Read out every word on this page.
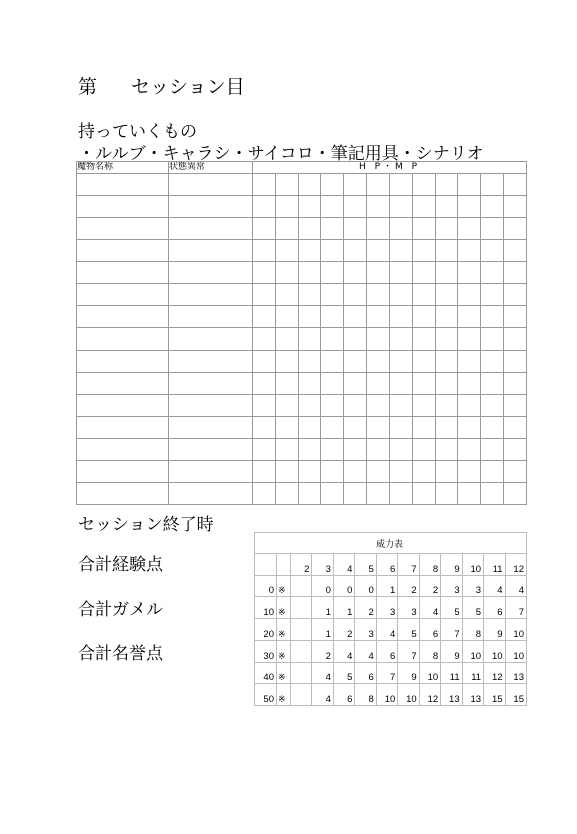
第 セッション目
持っていくもの
・ルルブ・キャラシ・サイコロ・筆記用具・シナリオ
魔物名称	状態異常	H P・M P											

セッション終了時
合計経験点
合計ガメル
合計名誉点
威力表												
		2	3	4	5	6	7	8	9	10	11	12
0	※		0	0	0	1	2	2	3	3	4	4
10	※		1	1	2	3	3	4	5	5	6	7
20	※		1	2	3	4	5	6	7	8	9	10
30	※		2	4	4	6	7	8	9	10	10	10
40	※		4	5	6	7	9	10	11	11	12	13
50	※		4	6	8	10	10	12	13	13	15	15
